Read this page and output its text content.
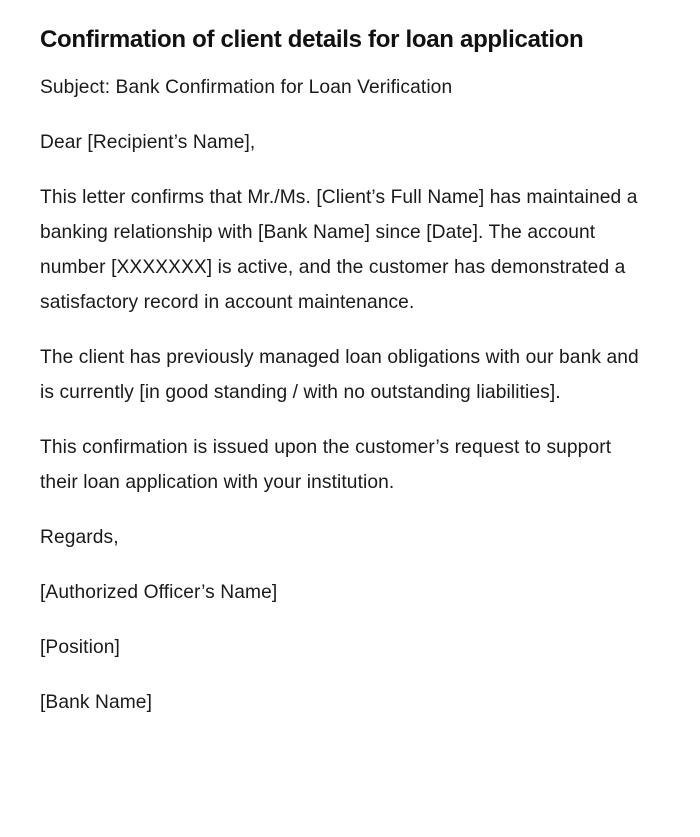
Confirmation of client details for loan application

Subject: Bank Confirmation for Loan Verification

Dear [Recipient’s Name],

This letter confirms that Mr./Ms. [Client’s Full Name] has maintained a banking relationship with [Bank Name] since [Date]. The account number [XXXXXXX] is active, and the customer has demonstrated a satisfactory record in account maintenance.

The client has previously managed loan obligations with our bank and is currently [in good standing / with no outstanding liabilities].

This confirmation is issued upon the customer’s request to support their loan application with your institution.

Regards,

[Authorized Officer’s Name]

[Position]

[Bank Name]
